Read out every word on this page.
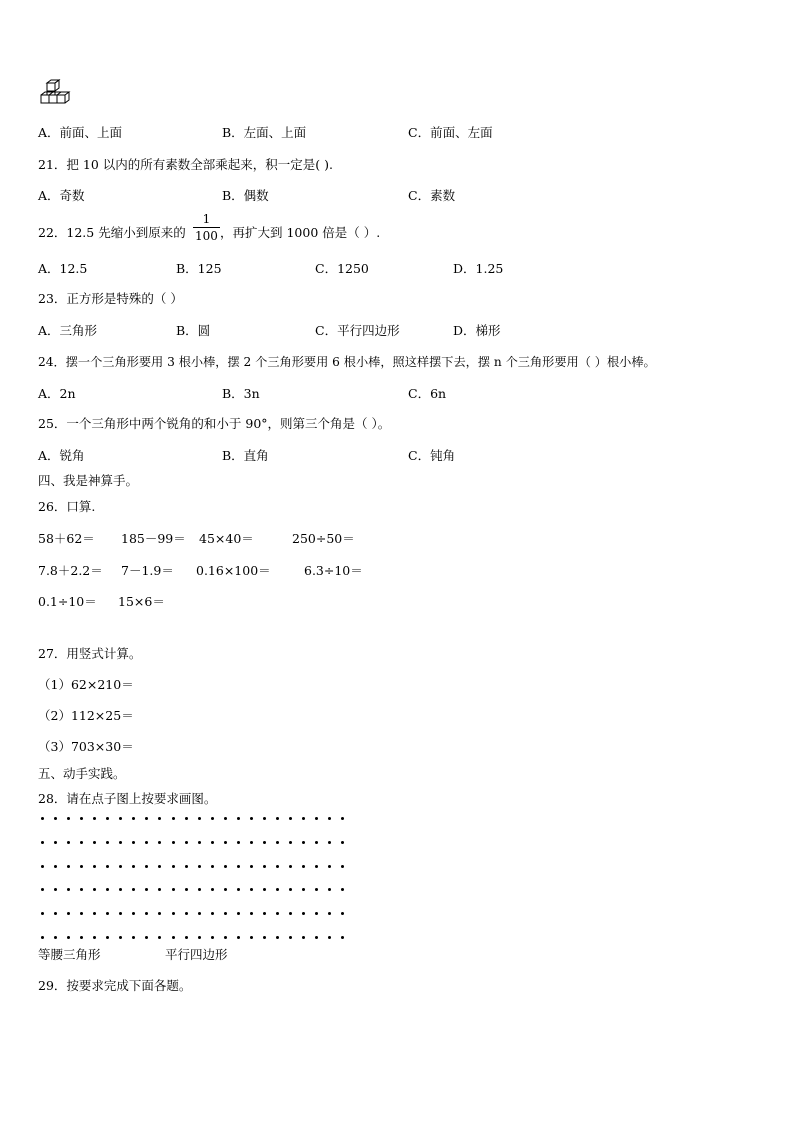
A．前面、上面	B．左面、上面	C．前面、左面
21．把 10 以内的所有素数全部乘起来，积一定是( ).
A．奇数	B．偶数	C．素数
22．12.5 先缩小到原来的
1
100 ，再扩大到 1000 倍是（ ）.
A．12.5	B．125	C．1250	D．1.25
23．正方形是特殊的（ ）
A．三角形	B．圆	C．平行四边形	D．梯形
24．摆一个三角形要用 3 根小棒，摆 2 个三角形要用 6 根小棒，照这样摆下去，摆 n 个三角形要用（ ）根小棒。
A．2n	B．3n	C．6n
25．一个三角形中两个锐角的和小于 90°，则第三个角是（ ）。
A．锐角	B．直角	C．钝角
四、我是神算手。
26．口算.
58＋62＝ 185－99＝ 45×40＝	250÷50＝
7.8＋2.2＝ 7－1.9＝ 0.16×100＝	6.3÷10＝
0.1÷10＝ 15×6＝
27．用竖式计算。
（1）62×210＝
（2）112×25＝
（3）703×30＝
五、动手实践。
28．请在点子图上按要求画图。
等腰三角形	平行四边形
29．按要求完成下面各题。
